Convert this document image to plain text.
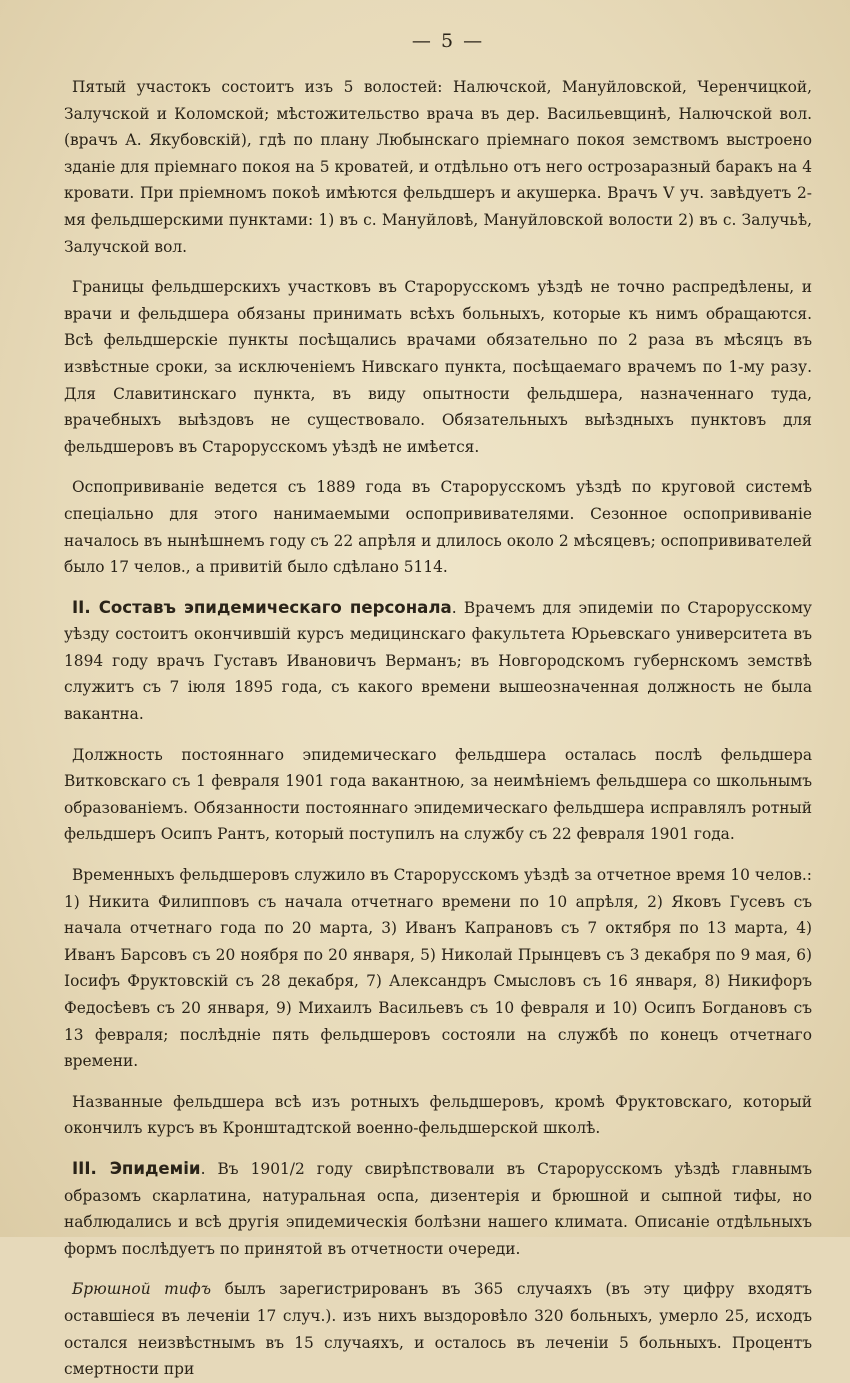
— 5 —

Пятый участокъ состоитъ изъ 5 волостей: Налючской, Мануйловской, Черенчицкой, Залучской и Коломской; мѣстожительство врача въ дер. Васильевщинѣ, Налючской вол. (врачъ А. Якубовскій), гдѣ по плану Любынскаго пріемнаго покоя земствомъ выстроено зданіе для пріемнаго покоя на 5 кроватей, и отдѣльно отъ него острозаразный баракъ на 4 кровати. При пріемномъ покоѣ имѣются фельдшеръ и акушерка. Врачъ V уч. завѣдуетъ 2-мя фельдшерскими пунктами: 1) въ с. Мануйловѣ, Мануйловской волости 2) въ с. Залучьѣ, Залучской вол.

Границы фельдшерскихъ участковъ въ Старорусскомъ уѣздѣ не точно распредѣлены, и врачи и фельдшера обязаны принимать всѣхъ больныхъ, которые къ нимъ обращаются. Всѣ фельдшерскіе пункты посѣщались врачами обязательно по 2 раза въ мѣсяцъ въ извѣстные сроки, за исключеніемъ Нивскаго пункта, посѣщаемаго врачемъ по 1-му разу. Для Славитинскаго пункта, въ виду опытности фельдшера, назначеннаго туда, врачебныхъ выѣздовъ не существовало. Обязательныхъ выѣздныхъ пунктовъ для фельдшеровъ въ Старорусскомъ уѣздѣ не имѣется.

Оспопрививаніе ведется съ 1889 года въ Старорусскомъ уѣздѣ по круговой системѣ спеціально для этого нанимаемыми оспопрививателями. Сезонное оспопрививаніе началось въ нынѣшнемъ году съ 22 апрѣля и длилось около 2 мѣсяцевъ; оспопрививателей было 17 челов., а привитій было сдѣлано 5114.

II. Составъ эпидемическаго персонала. Врачемъ для эпидеміи по Старорусскому уѣзду состоитъ окончившій курсъ медицинскаго факультета Юрьевскаго университета въ 1894 году врачъ Густавъ Ивановичъ Верманъ; въ Новгородскомъ губернскомъ земствѣ служитъ съ 7 іюля 1895 года, съ какого времени вышеозначенная должность не была вакантна.

Должность постояннаго эпидемическаго фельдшера осталась послѣ фельдшера Витковскаго съ 1 февраля 1901 года вакантною, за неимѣніемъ фельдшера со школьнымъ образованіемъ. Обязанности постояннаго эпидемическаго фельдшера исправлялъ ротный фельдшеръ Осипъ Рантъ, который поступилъ на службу съ 22 февраля 1901 года.

Временныхъ фельдшеровъ служило въ Старорусскомъ уѣздѣ за отчетное время 10 челов.: 1) Никита Филипповъ съ начала отчетнаго времени по 10 апрѣля, 2) Яковъ Гусевъ съ начала отчетнаго года по 20 марта, 3) Иванъ Капрановъ съ 7 октября по 13 марта, 4) Иванъ Барсовъ съ 20 ноября по 20 января, 5) Николай Прынцевъ съ 3 декабря по 9 мая, 6) Іосифъ Фруктовскій съ 28 декабря, 7) Александръ Смысловъ съ 16 января, 8) Никифоръ Федосѣевъ съ 20 января, 9) Михаилъ Васильевъ съ 10 февраля и 10) Осипъ Богдановъ съ 13 февраля; послѣдніе пять фельдшеровъ состояли на службѣ по конецъ отчетнаго времени.

Названные фельдшера всѣ изъ ротныхъ фельдшеровъ, кромѣ Фруктовскаго, который окончилъ курсъ въ Кронштадтской военно-фельдшерской школѣ.

III. Эпидеміи. Въ 1901/2 году свирѣпствовали въ Старорусскомъ уѣздѣ главнымъ образомъ скарлатина, натуральная оспа, дизентерія и брюшной и сыпной тифы, но наблюдались и всѣ другія эпидемическія болѣзни нашего климата. Описаніе отдѣльныхъ формъ послѣдуетъ по принятой въ отчетности очереди.

Брюшной тифъ былъ зарегистрированъ въ 365 случаяхъ (въ эту цифру входятъ оставшіеся въ леченіи 17 случ.). изъ нихъ выздоровѣло 320 больныхъ, умерло 25, исходъ остался неизвѣстнымъ въ 15 случаяхъ, и осталось въ леченіи 5 больныхъ. Процентъ смертности при
